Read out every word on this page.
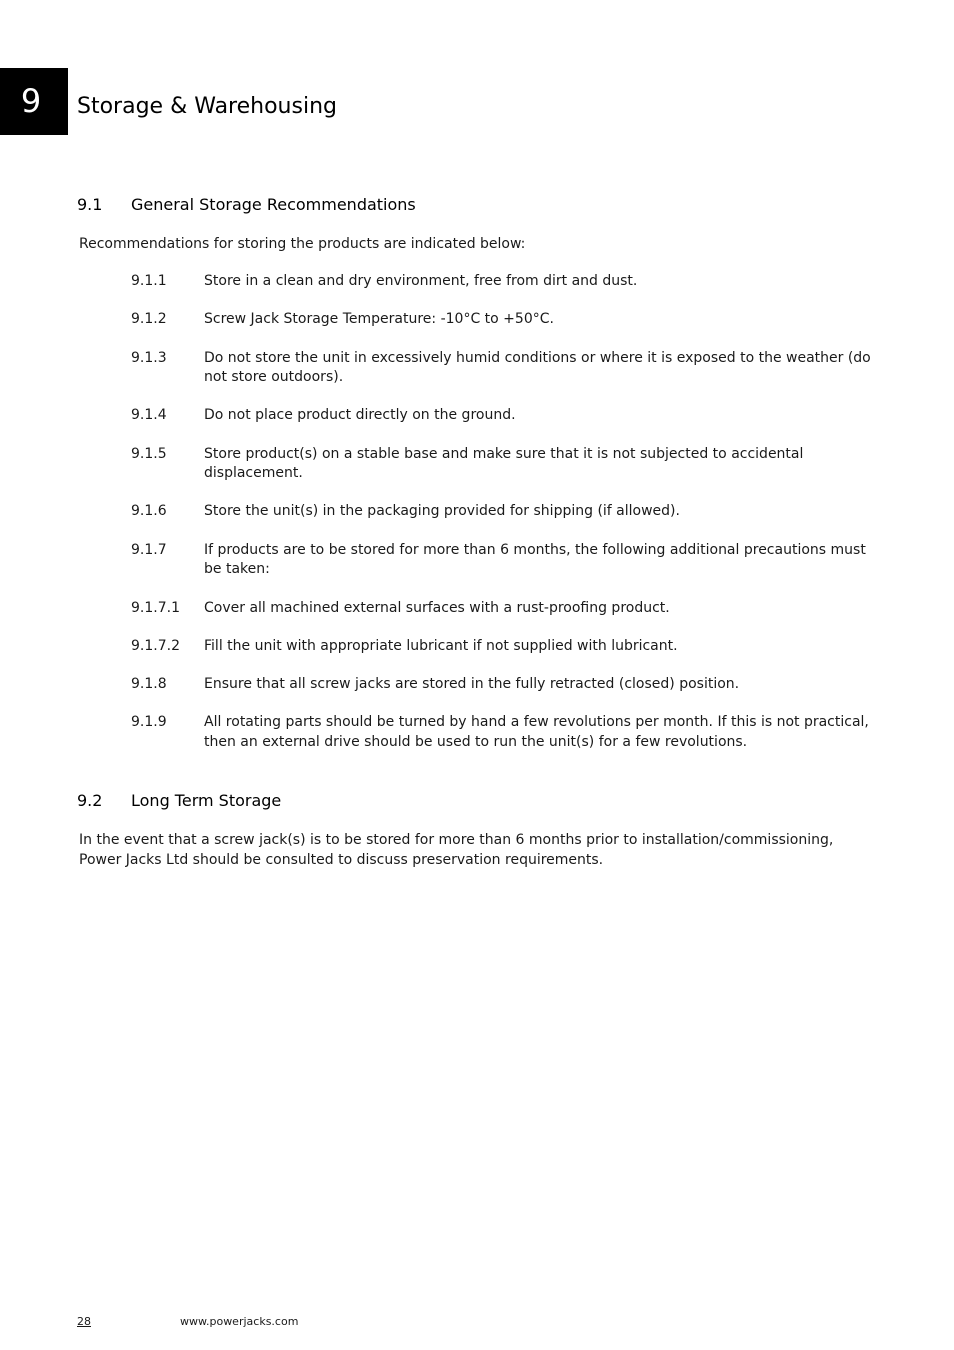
9	Storage & Warehousing
9.1 General Storage Recommendations
Recommendations for storing the products are indicated below:
9.1.1	Store in a clean and dry environment, free from dirt and dust.
9.1.2	Screw Jack Storage Temperature: -10°C to +50°C.
9.1.3	Do not store the unit in excessively humid conditions or where it is exposed to the weather (do not store outdoors).
9.1.4	Do not place product directly on the ground.
9.1.5	Store product(s) on a stable base and make sure that it is not subjected to accidental displacement.
9.1.6	Store the unit(s) in the packaging provided for shipping (if allowed).
9.1.7	If products are to be stored for more than 6 months, the following additional precautions must be taken:
9.1.7.1	Cover all machined external surfaces with a rust-proofing product.
9.1.7.2	Fill the unit with appropriate lubricant if not supplied with lubricant.
9.1.8	Ensure that all screw jacks are stored in the fully retracted (closed) position.
9.1.9	All rotating parts should be turned by hand a few revolutions per month. If this is not practical, then an external drive should be used to run the unit(s) for a few revolutions.
9.2 Long Term Storage
In the event that a screw jack(s) is to be stored for more than 6 months prior to installation/commissioning, Power Jacks Ltd should be consulted to discuss preservation requirements.
28	www.powerjacks.com
